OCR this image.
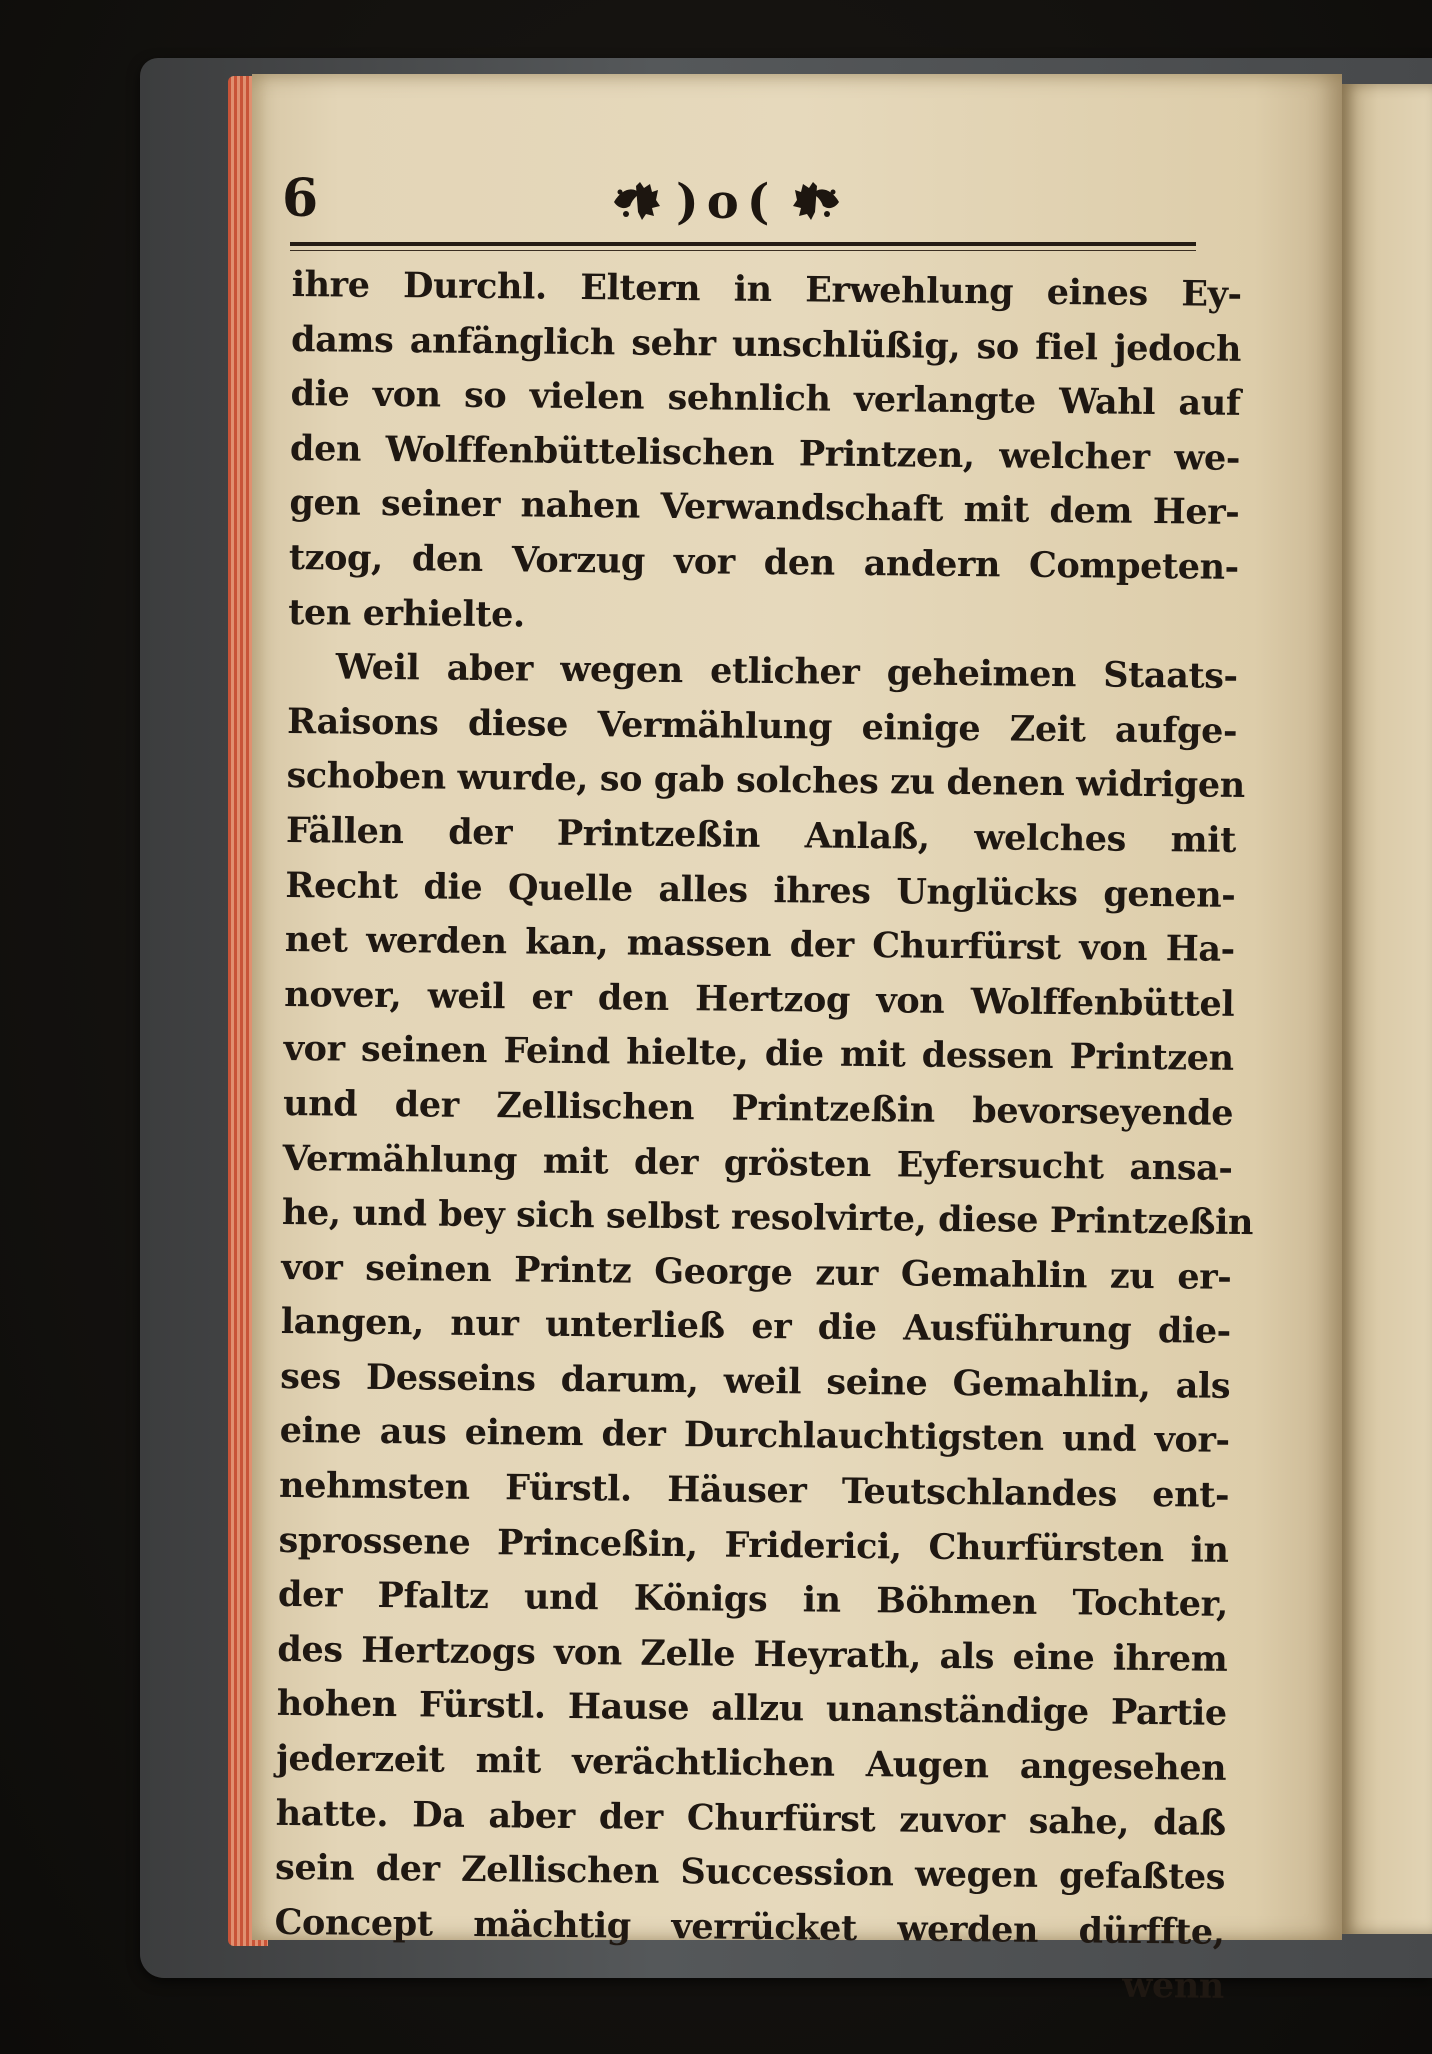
6	)o(
ihre Durchl. Eltern in Erwehlung eines Ey-
dams anfänglich sehr unschlüßig, so fiel jedoch
die von so vielen sehnlich verlangte Wahl auf
den Wolffenbüttelischen Printzen, welcher we-
gen seiner nahen Verwandschaft mit dem Her-
tzog, den Vorzug vor den andern Competen-
ten erhielte.
Weil aber wegen etlicher geheimen Staats-
Raisons diese Vermählung einige Zeit aufge-
schoben wurde, so gab solches zu denen widrigen
Fällen der Printzeßin Anlaß, welches mit
Recht die Quelle alles ihres Unglücks genen-
net werden kan, massen der Churfürst von Ha-
nover, weil er den Hertzog von Wolffenbüttel
vor seinen Feind hielte, die mit dessen Printzen
und der Zellischen Printzeßin bevorseyende
Vermählung mit der grösten Eyfersucht ansa-
he, und bey sich selbst resolvirte, diese Printzeßin
vor seinen Printz George zur Gemahlin zu er-
langen, nur unterließ er die Ausführung die-
ses Desseins darum, weil seine Gemahlin, als
eine aus einem der Durchlauchtigsten und vor-
nehmsten Fürstl. Häuser Teutschlandes ent-
sprossene Princeßin, Friderici, Churfürsten in
der Pfaltz und Königs in Böhmen Tochter,
des Hertzogs von Zelle Heyrath, als eine ihrem
hohen Fürstl. Hause allzu unanständige Partie
jederzeit mit verächtlichen Augen angesehen
hatte. Da aber der Churfürst zuvor sahe, daß
sein der Zellischen Succession wegen gefaßtes
Concept mächtig verrücket werden dürffte,
wenn
